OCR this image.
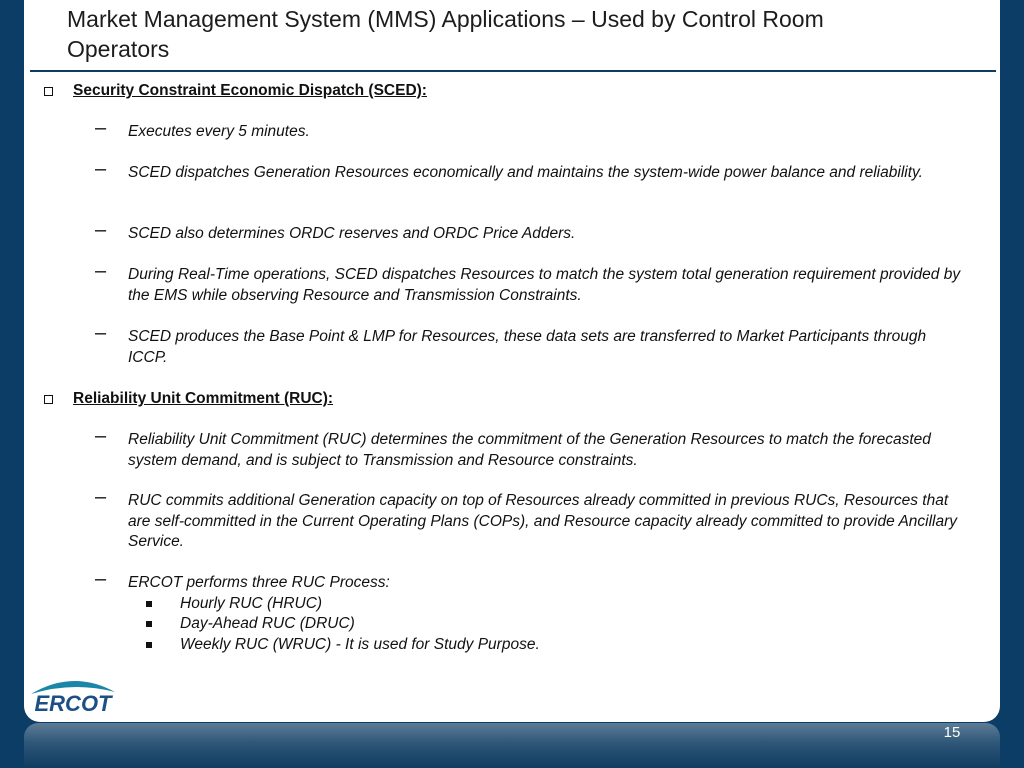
Market Management System (MMS) Applications – Used by Control Room Operators
Security Constraint Economic Dispatch (SCED):
– Executes every 5 minutes.
– SCED dispatches Generation Resources economically and maintains the system-wide power balance and reliability.
– SCED also determines ORDC reserves and ORDC Price Adders.
– During Real-Time operations, SCED dispatches Resources to match the system total generation requirement provided by the EMS while observing Resource and Transmission Constraints.
– SCED produces the Base Point & LMP for Resources, these data sets are transferred to Market Participants through ICCP.
Reliability Unit Commitment (RUC):
– Reliability Unit Commitment (RUC) determines the commitment of the Generation Resources to match the forecasted system demand, and is subject to Transmission and Resource constraints.
– RUC commits additional Generation capacity on top of Resources already committed in previous RUCs, Resources that are self-committed in the Current Operating Plans (COPs), and Resource capacity already committed to provide Ancillary Service.
– ERCOT performs three RUC Process:
Hourly RUC (HRUC)
Day-Ahead RUC (DRUC)
Weekly RUC (WRUC) - It is used for Study Purpose.
ERCOT
15
